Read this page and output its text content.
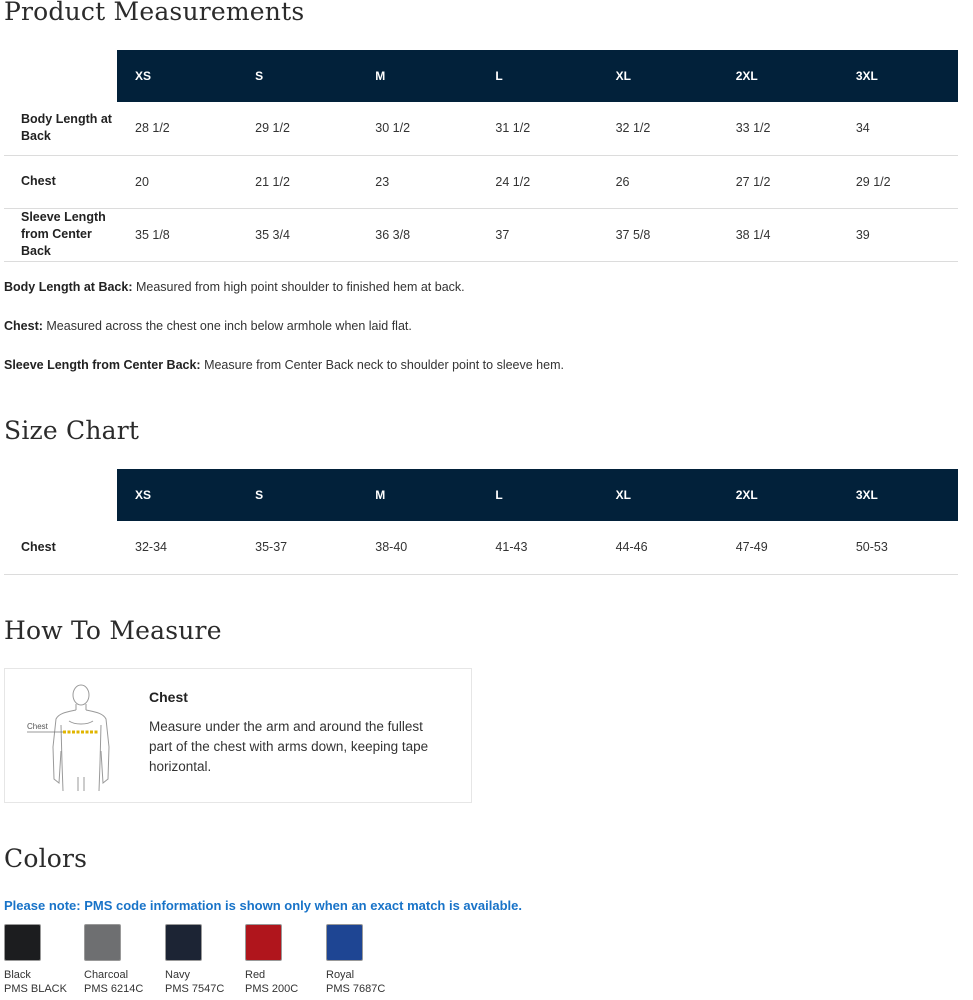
Product Measurements
	XS	S	M	L	XL	2XL	3XL
Body Length at Back	28 1/2	29 1/2	30 1/2	31 1/2	32 1/2	33 1/2	34
Chest	20	21 1/2	23	24 1/2	26	27 1/2	29 1/2
Sleeve Length from Center Back	35 1/8	35 3/4	36 3/8	37	37 5/8	38 1/4	39
Body Length at Back: Measured from high point shoulder to finished hem at back.
Chest: Measured across the chest one inch below armhole when laid flat.
Sleeve Length from Center Back: Measure from Center Back neck to shoulder point to sleeve hem.
Size Chart
	XS	S	M	L	XL	2XL	3XL
Chest	32-34	35-37	38-40	41-43	44-46	47-49	50-53
How To Measure
Chest
Chest
Measure under the arm and around the fullest part of the chest with arms down, keeping tape horizontal.
Colors
Please note: PMS code information is shown only when an exact match is available.
Black
PMS BLACK
Charcoal
PMS 6214C
Navy
PMS 7547C
Red
PMS 200C
Royal
PMS 7687C
